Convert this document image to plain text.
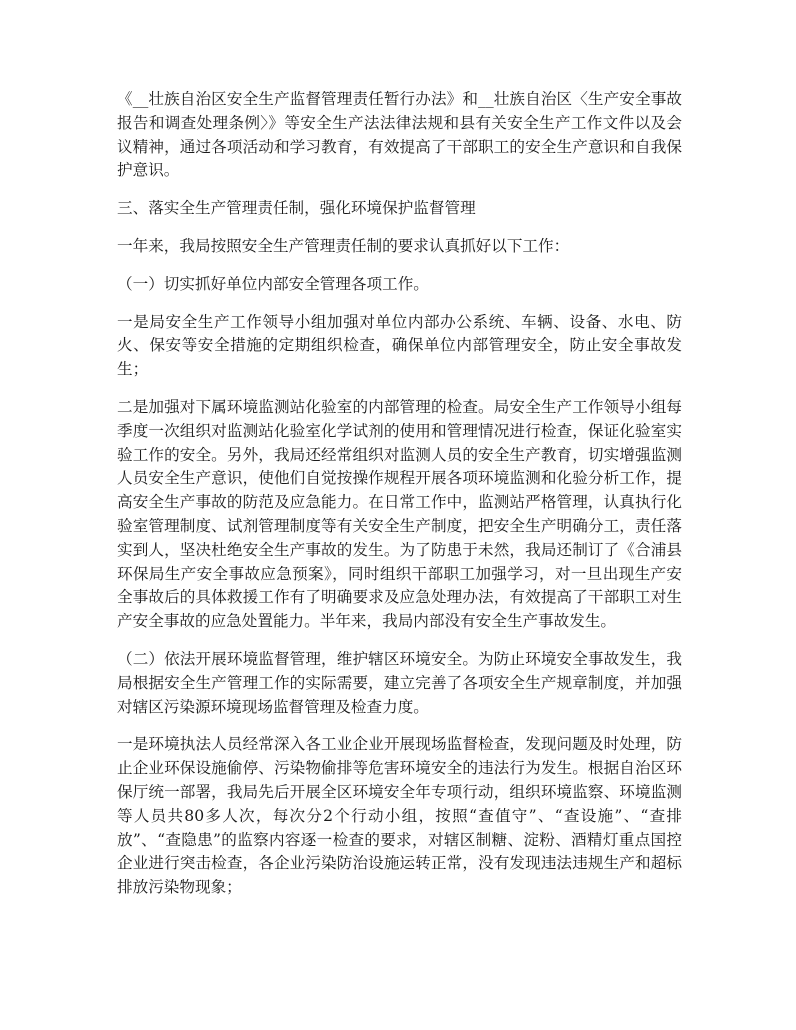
《__壮族自治区安全生产监督管理责任暂行办法》和__壮族自治区〈生产安全事故报告和调查处理条例〉》等安全生产法法律法规和县有关安全生产工作文件以及会议精神，通过各项活动和学习教育，有效提高了干部职工的安全生产意识和自我保护意识。

三、落实全生产管理责任制，强化环境保护监督管理

一年来，我局按照安全生产管理责任制的要求认真抓好以下工作：

（一）切实抓好单位内部安全管理各项工作。

一是局安全生产工作领导小组加强对单位内部办公系统、车辆、设备、水电、防火、保安等安全措施的定期组织检查，确保单位内部管理安全，防止安全事故发生；

二是加强对下属环境监测站化验室的内部管理的检查。局安全生产工作领导小组每季度一次组织对监测站化验室化学试剂的使用和管理情况进行检查，保证化验室实验工作的安全。另外，我局还经常组织对监测人员的安全生产教育，切实增强监测人员安全生产意识，使他们自觉按操作规程开展各项环境监测和化验分析工作，提高安全生产事故的防范及应急能力。在日常工作中，监测站严格管理，认真执行化验室管理制度、试剂管理制度等有关安全生产制度，把安全生产明确分工，责任落实到人，坚决杜绝安全生产事故的发生。为了防患于未然，我局还制订了《合浦县环保局生产安全事故应急预案》，同时组织干部职工加强学习，对一旦出现生产安全事故后的具体救援工作有了明确要求及应急处理办法，有效提高了干部职工对生产安全事故的应急处置能力。半年来，我局内部没有安全生产事故发生。

（二）依法开展环境监督管理，维护辖区环境安全。为防止环境安全事故发生，我局根据安全生产管理工作的实际需要，建立完善了各项安全生产规章制度，并加强对辖区污染源环境现场监督管理及检查力度。

一是环境执法人员经常深入各工业企业开展现场监督检查，发现问题及时处理，防止企业环保设施偷停、污染物偷排等危害环境安全的违法行为发生。根据自治区环保厅统一部署，我局先后开展全区环境安全年专项行动，组织环境监察、环境监测等人员共80多人次，每次分2个行动小组，按照“查值守”、“查设施”、“查排放”、“查隐患”的监察内容逐一检查的要求，对辖区制糖、淀粉、酒精灯重点国控企业进行突击检查，各企业污染防治设施运转正常，没有发现违法违规生产和超标排放污染物现象；
